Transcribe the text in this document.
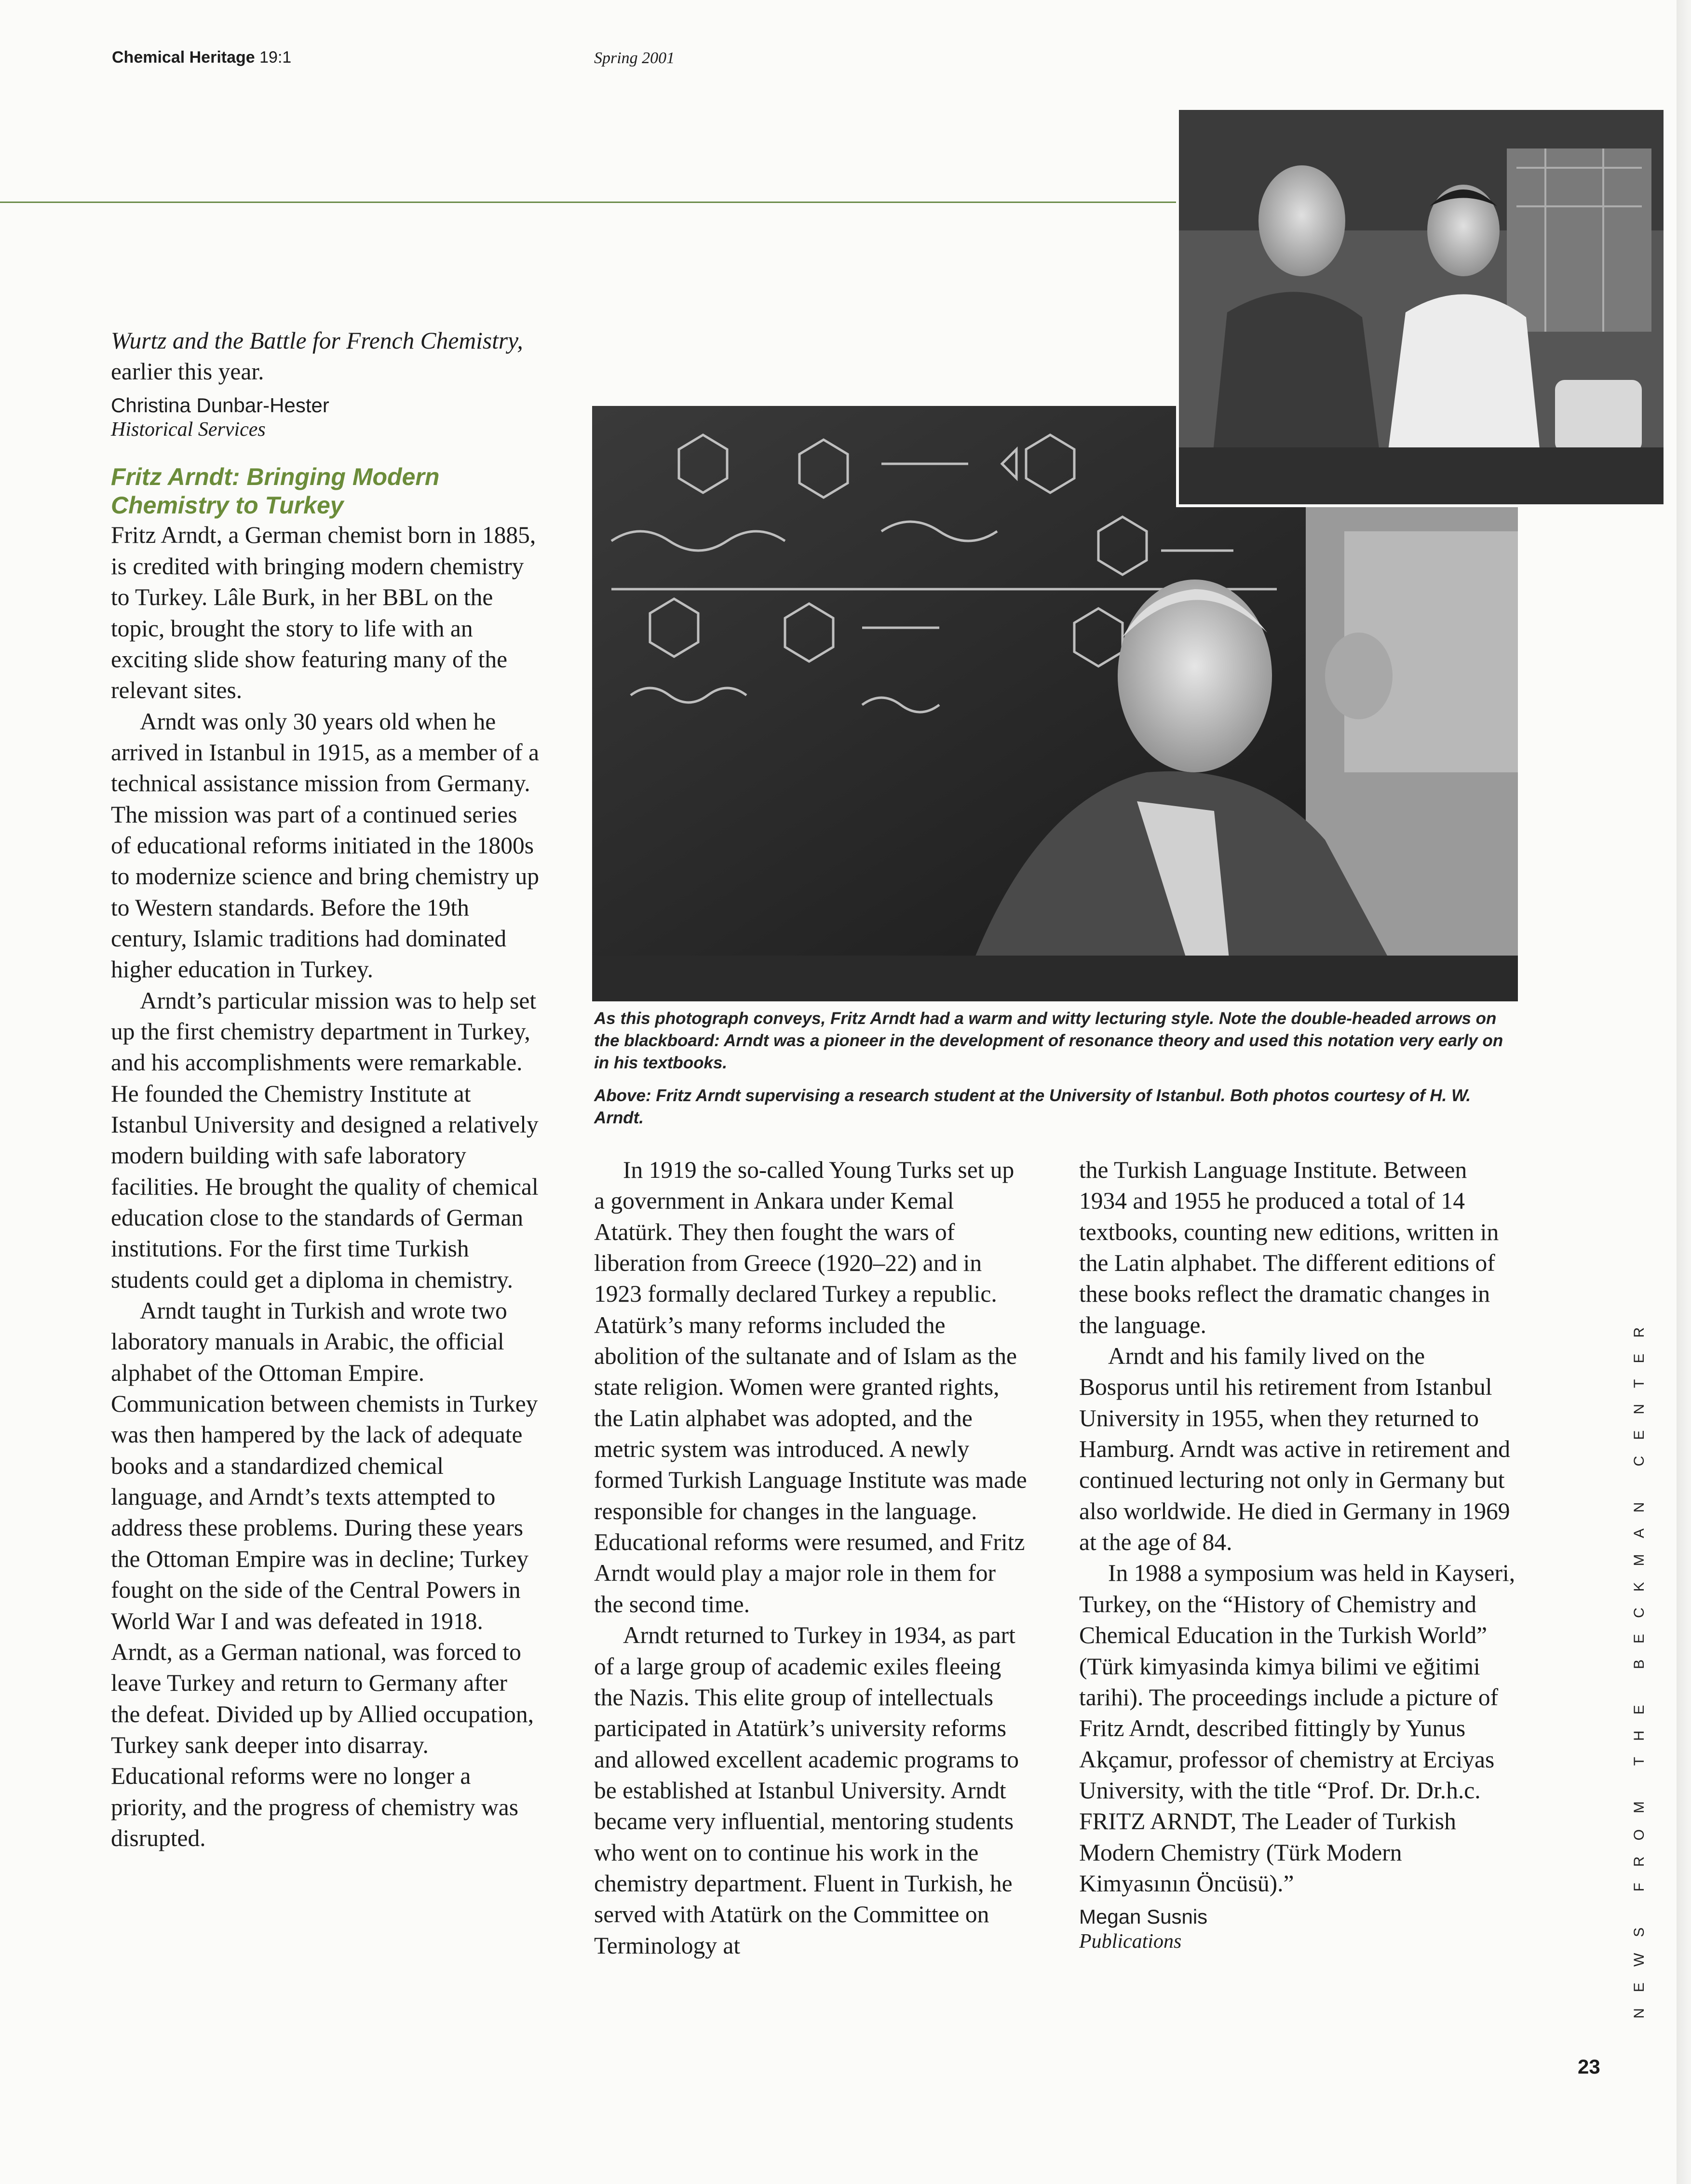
Chemical Heritage 19:1	Spring 2001

Wurtz and the Battle for French Chemistry, earlier this year.

Christina Dunbar-Hester
Historical Services
Fritz Arndt: Bringing Modern Chemistry to Turkey

Fritz Arndt, a German chemist born in 1885, is credited with bringing modern chemistry to Turkey. Lâle Burk, in her BBL on the topic, brought the story to life with an exciting slide show featuring many of the relevant sites.

Arndt was only 30 years old when he arrived in Istanbul in 1915, as a member of a technical assistance mission from Germany. The mission was part of a continued series of educational reforms initiated in the 1800s to modernize science and bring chemistry up to Western standards. Before the 19th century, Islamic traditions had dominated higher education in Turkey.

Arndt’s particular mission was to help set up the first chemistry department in Turkey, and his accomplishments were remarkable. He founded the Chemistry Institute at Istanbul University and designed a relatively modern building with safe laboratory facilities. He brought the quality of chemical education close to the standards of German institutions. For the first time Turkish students could get a diploma in chemistry.

Arndt taught in Turkish and wrote two laboratory manuals in Arabic, the official alphabet of the Ottoman Empire. Communication between chemists in Turkey was then hampered by the lack of adequate books and a standardized chemical language, and Arndt’s texts attempted to address these problems. During these years the Ottoman Empire was in decline; Turkey fought on the side of the Central Powers in World War I and was defeated in 1918. Arndt, as a German national, was forced to leave Turkey and return to Germany after the defeat. Divided up by Allied occupation, Turkey sank deeper into disarray. Educational reforms were no longer a priority, and the progress of chemistry was disrupted.

As this photograph conveys, Fritz Arndt had a warm and witty lecturing style. Note the double-headed arrows on the blackboard: Arndt was a pioneer in the development of resonance theory and used this notation very early on in his textbooks.
Above: Fritz Arndt supervising a research student at the University of Istanbul. Both photos courtesy of H. W. Arndt.

In 1919 the so-called Young Turks set up a government in Ankara under Kemal Atatürk. They then fought the wars of liberation from Greece (1920–22) and in 1923 formally declared Turkey a republic. Atatürk’s many reforms included the abolition of the sultanate and of Islam as the state religion. Women were granted rights, the Latin alphabet was adopted, and the metric system was introduced. A newly formed Turkish Language Institute was made responsible for changes in the language. Educational reforms were resumed, and Fritz Arndt would play a major role in them for the second time.

Arndt returned to Turkey in 1934, as part of a large group of academic exiles fleeing the Nazis. This elite group of intellectuals participated in Atatürk’s university reforms and allowed excellent academic programs to be established at Istanbul University. Arndt became very influential, mentoring students who went on to continue his work in the chemistry department. Fluent in Turkish, he served with Atatürk on the Committee on Terminology at

the Turkish Language Institute. Between 1934 and 1955 he produced a total of 14 textbooks, counting new editions, written in the Latin alphabet. The different editions of these books reflect the dramatic changes in the language.

Arndt and his family lived on the Bosporus until his retirement from Istanbul University in 1955, when they returned to Hamburg. Arndt was active in retirement and continued lecturing not only in Germany but also worldwide. He died in Germany in 1969 at the age of 84.

In 1988 a symposium was held in Kayseri, Turkey, on the “History of Chemistry and Chemical Education in the Turkish World” (Türk kimyasinda kimya bilimi ve eğitimi tarihi). The proceedings include a picture of Fritz Arndt, described fittingly by Yunus Akçamur, professor of chemistry at Erciyas University, with the title “Prof. Dr. Dr.h.c. FRITZ ARNDT, The Leader of Turkish Modern Chemistry (Türk Modern Kimyasının Öncüsü).”

Megan Susnis
Publications	NEWS FROM THE BECKMAN CENTER
23
